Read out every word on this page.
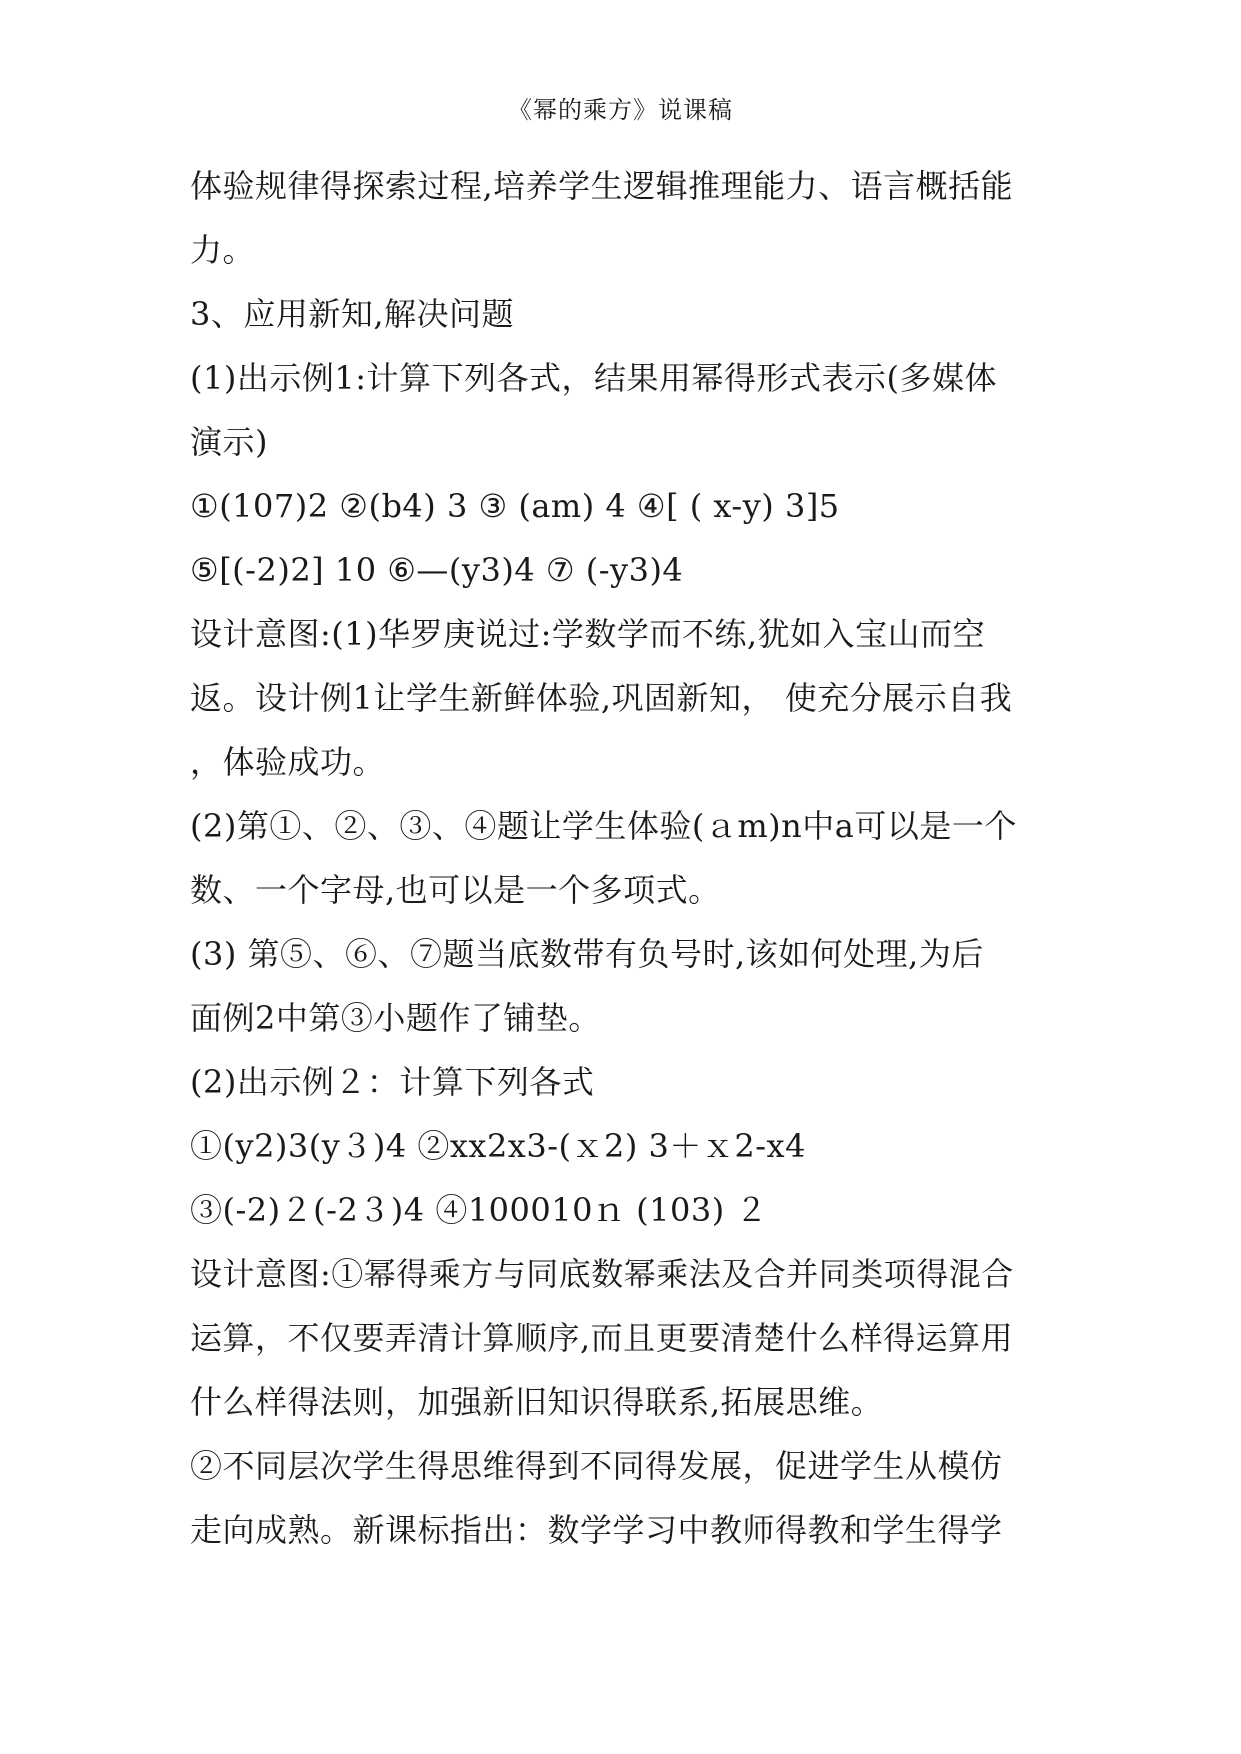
《幂的乘方》说课稿
体验规律得探索过程,培养学生逻辑推理能力、语言概括能
力。
3、应用新知,解决问题
(1)出示例1:计算下列各式，结果用幂得形式表示(多媒体
演示)
①(107)2 ②(b4) 3 ③ (am) 4 ④[ ( x-y) 3]5
⑤[(-2)2] 10 ⑥—(y3)4 ⑦ (-y3)4
设计意图:(1)华罗庚说过:学数学而不练,犹如入宝山而空
返。设计例1让学生新鲜体验,巩固新知， 使充分展示自我
，体验成功。
(2)第①、②、③、④题让学生体验(ａm)n中a可以是一个
数、一个字母,也可以是一个多项式。
(3) 第⑤、⑥、⑦题当底数带有负号时,该如何处理,为后
面例2中第③小题作了铺垫。
(2)出示例２：计算下列各式
①(y2)3(y３)4 ②xx2x3-(ｘ2) 3＋ｘ2-x4
③(-2)２(-2３)4 ④100010ｎ (103) ２
设计意图:①幂得乘方与同底数幂乘法及合并同类项得混合
运算，不仅要弄清计算顺序,而且更要清楚什么样得运算用
什么样得法则，加强新旧知识得联系,拓展思维。
②不同层次学生得思维得到不同得发展，促进学生从模仿
走向成熟。新课标指出：数学学习中教师得教和学生得学
